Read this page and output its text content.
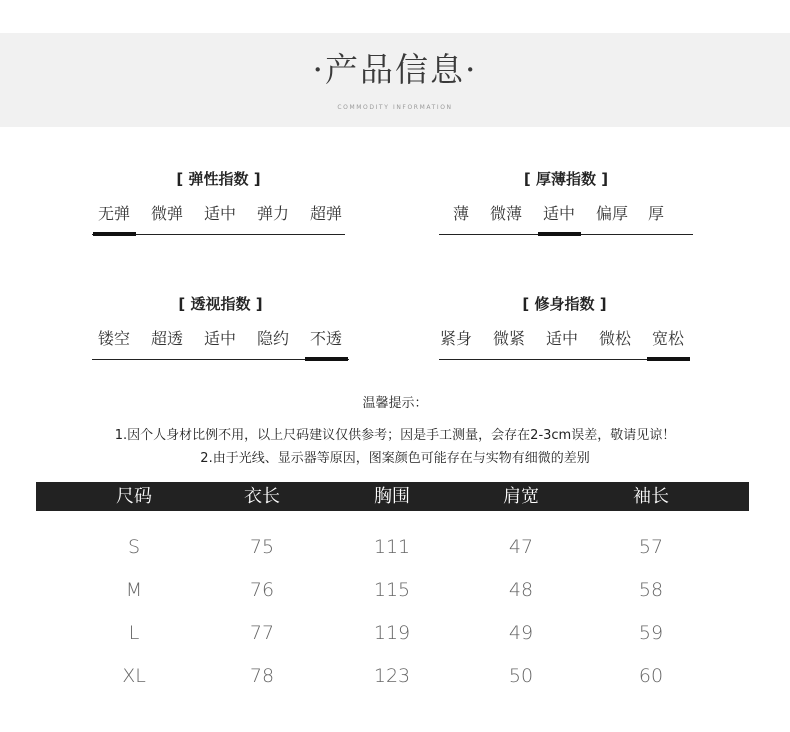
·产品信息·
COMMODITY INFORMATION
[ 弹性指数 ]
无弹	微弹	适中	弹力	超弹
[ 厚薄指数 ]
薄	微薄	适中	偏厚	厚
[ 透视指数 ]
镂空	超透	适中	隐约	不透
[ 修身指数 ]
紧身	微紧	适中	微松	宽松
温馨提示：
1.因个人身材比例不用，以上尺码建议仅供参考；因是手工测量，会存在2-3cm误差，敬请见谅！
2.由于光线、显示器等原因，图案颜色可能存在与实物有细微的差别
尺码	衣长	胸围	肩宽	袖长
S	75	111	47	57
M	76	115	48	58
L	77	119	49	59
XL	78	123	50	60
